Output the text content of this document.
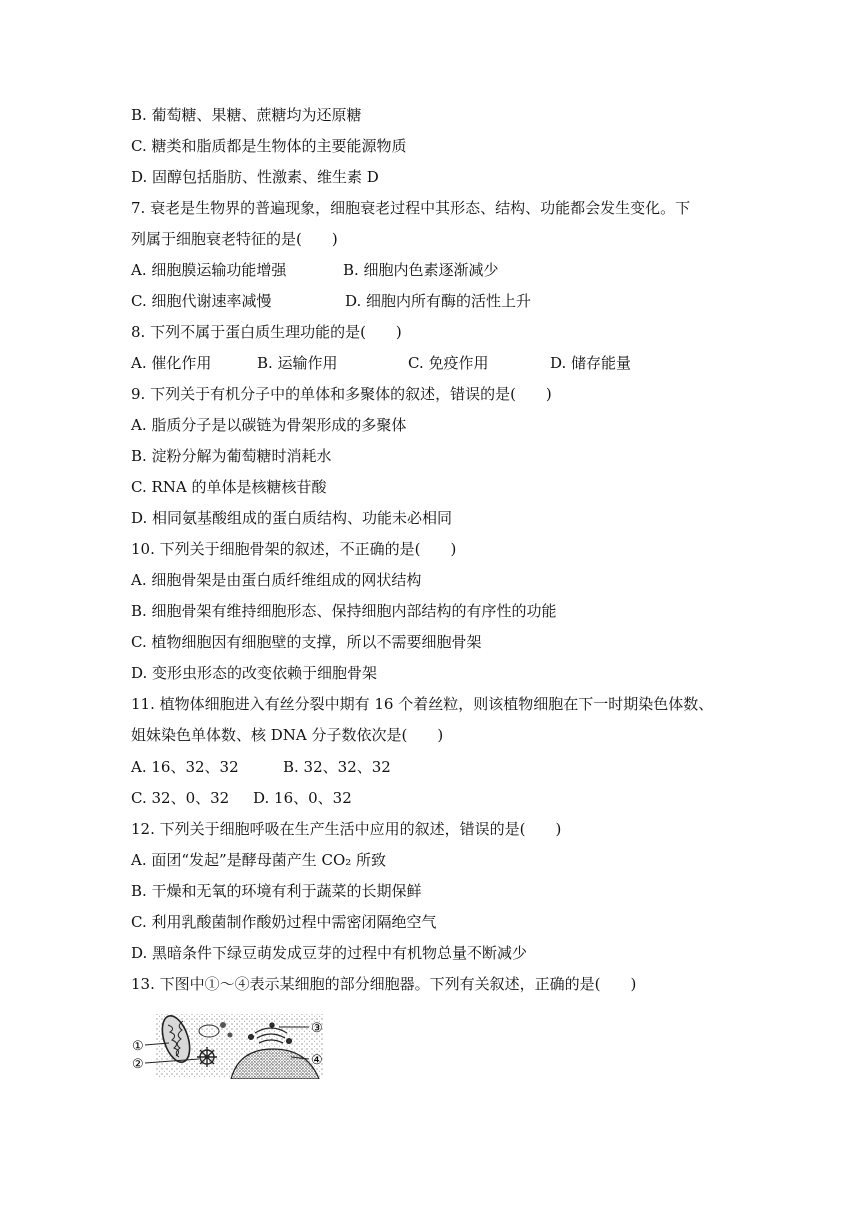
B. 葡萄糖、果糖、蔗糖均为还原糖
C. 糖类和脂质都是生物体的主要能源物质
D. 固醇包括脂肪、性激素、维生素 D
7. 衰老是生物界的普遍现象，细胞衰老过程中其形态、结构、功能都会发生变化。下
列属于细胞衰老特征的是(　　)
A. 细胞膜运输功能增强	B. 细胞内色素逐渐减少
C. 细胞代谢速率减慢	D. 细胞内所有酶的活性上升
8. 下列不属于蛋白质生理功能的是(　　)
A. 催化作用	B. 运输作用	C. 免疫作用	D. 储存能量
9. 下列关于有机分子中的单体和多聚体的叙述，错误的是(　　)
A. 脂质分子是以碳链为骨架形成的多聚体
B. 淀粉分解为葡萄糖时消耗水
C. RNA 的单体是核糖核苷酸
D. 相同氨基酸组成的蛋白质结构、功能未必相同
10. 下列关于细胞骨架的叙述，不正确的是(　　)
A. 细胞骨架是由蛋白质纤维组成的网状结构
B. 细胞骨架有维持细胞形态、保持细胞内部结构的有序性的功能
C. 植物细胞因有细胞壁的支撑，所以不需要细胞骨架
D. 变形虫形态的改变依赖于细胞骨架
11. 植物体细胞进入有丝分裂中期有 16 个着丝粒，则该植物细胞在下一时期染色体数、
姐妹染色单体数、核 DNA 分子数依次是(　　)
A. 16、32、32	B. 32、32、32
C. 32、0、32 D. 16、0、32
12. 下列关于细胞呼吸在生产生活中应用的叙述，错误的是(　　)
A. 面团“发起”是酵母菌产生 CO₂ 所致
B. 干燥和无氧的环境有利于蔬菜的长期保鲜
C. 利用乳酸菌制作酸奶过程中需密闭隔绝空气
D. 黑暗条件下绿豆萌发成豆芽的过程中有机物总量不断减少
13. 下图中①～④表示某细胞的部分细胞器。下列有关叙述，正确的是(　　)
①
②
③
④
